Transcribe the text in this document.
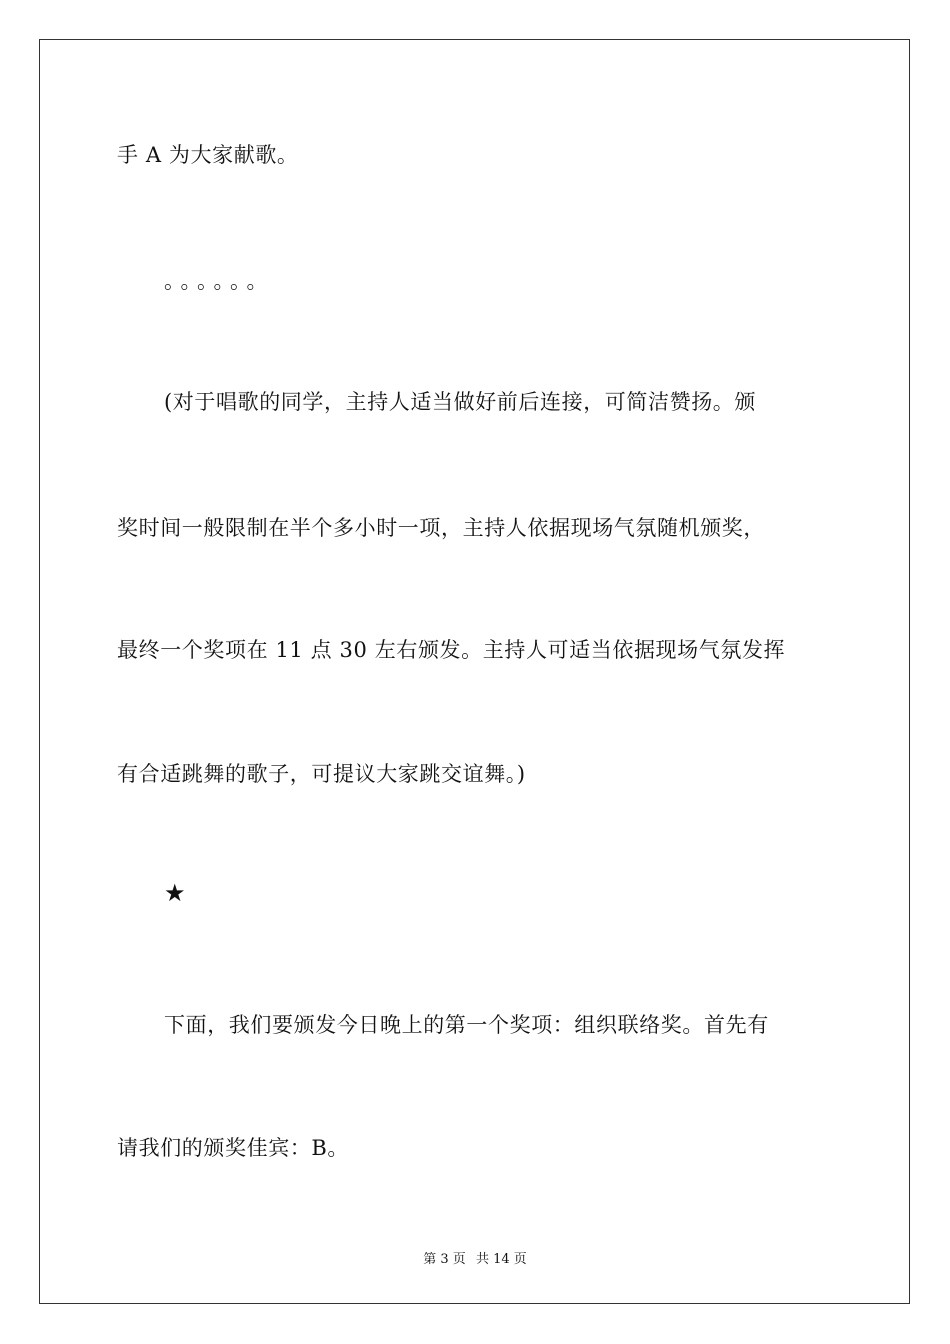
手 A 为大家献歌。
。。。。。。
(对于唱歌的同学，主持人适当做好前后连接，可简洁赞扬。颁
奖时间一般限制在半个多小时一项，主持人依据现场气氛随机颁奖，
最终一个奖项在 11 点 30 左右颁发。主持人可适当依据现场气氛发挥
有合适跳舞的歌子，可提议大家跳交谊舞。)
★
下面，我们要颁发今日晚上的第一个奖项：组织联络奖。首先有
请我们的颁奖佳宾：B。
第 3 页 共 14 页
